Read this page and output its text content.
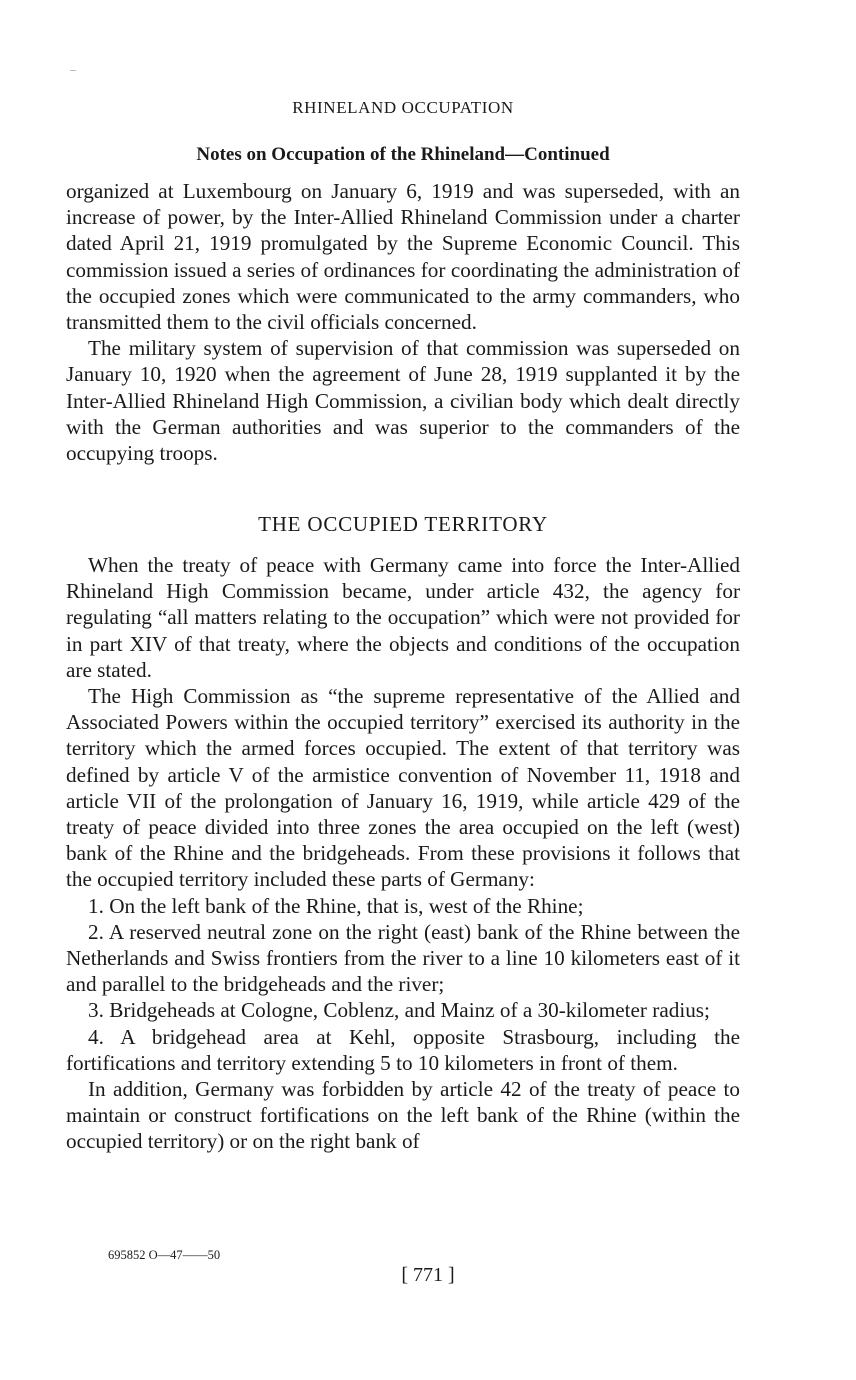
RHINELAND OCCUPATION
Notes on Occupation of the Rhineland—Continued

organized at Luxembourg on January 6, 1919 and was superseded, with an increase of power, by the Inter-Allied Rhineland Commission under a charter dated April 21, 1919 promulgated by the Supreme Economic Council. This commission issued a series of ordinances for coordinating the administration of the occupied zones which were communicated to the army commanders, who transmitted them to the civil officials concerned.

The military system of supervision of that commission was superseded on January 10, 1920 when the agreement of June 28, 1919 supplanted it by the Inter-Allied Rhineland High Commission, a civilian body which dealt directly with the German authorities and was superior to the commanders of the occupying troops.

THE OCCUPIED TERRITORY

When the treaty of peace with Germany came into force the Inter-Allied Rhineland High Commission became, under article 432, the agency for regulating “all matters relating to the occupation” which were not provided for in part XIV of that treaty, where the objects and conditions of the occupation are stated.

The High Commission as “the supreme representative of the Allied and Associated Powers within the occupied territory” exercised its authority in the territory which the armed forces occupied. The extent of that territory was defined by article V of the armistice convention of November 11, 1918 and article VII of the prolongation of January 16, 1919, while article 429 of the treaty of peace divided into three zones the area occupied on the left (west) bank of the Rhine and the bridgeheads. From these provisions it follows that the occupied territory included these parts of Germany:

1. On the left bank of the Rhine, that is, west of the Rhine;

2. A reserved neutral zone on the right (east) bank of the Rhine between the Netherlands and Swiss frontiers from the river to a line 10 kilometers east of it and parallel to the bridgeheads and the river;

3. Bridgeheads at Cologne, Coblenz, and Mainz of a 30-kilometer radius;

4. A bridgehead area at Kehl, opposite Strasbourg, including the fortifications and territory extending 5 to 10 kilometers in front of them.

In addition, Germany was forbidden by article 42 of the treaty of peace to maintain or construct fortifications on the left bank of the Rhine (within the occupied territory) or on the right bank of

695852 O—47——50
[ 771 ]
